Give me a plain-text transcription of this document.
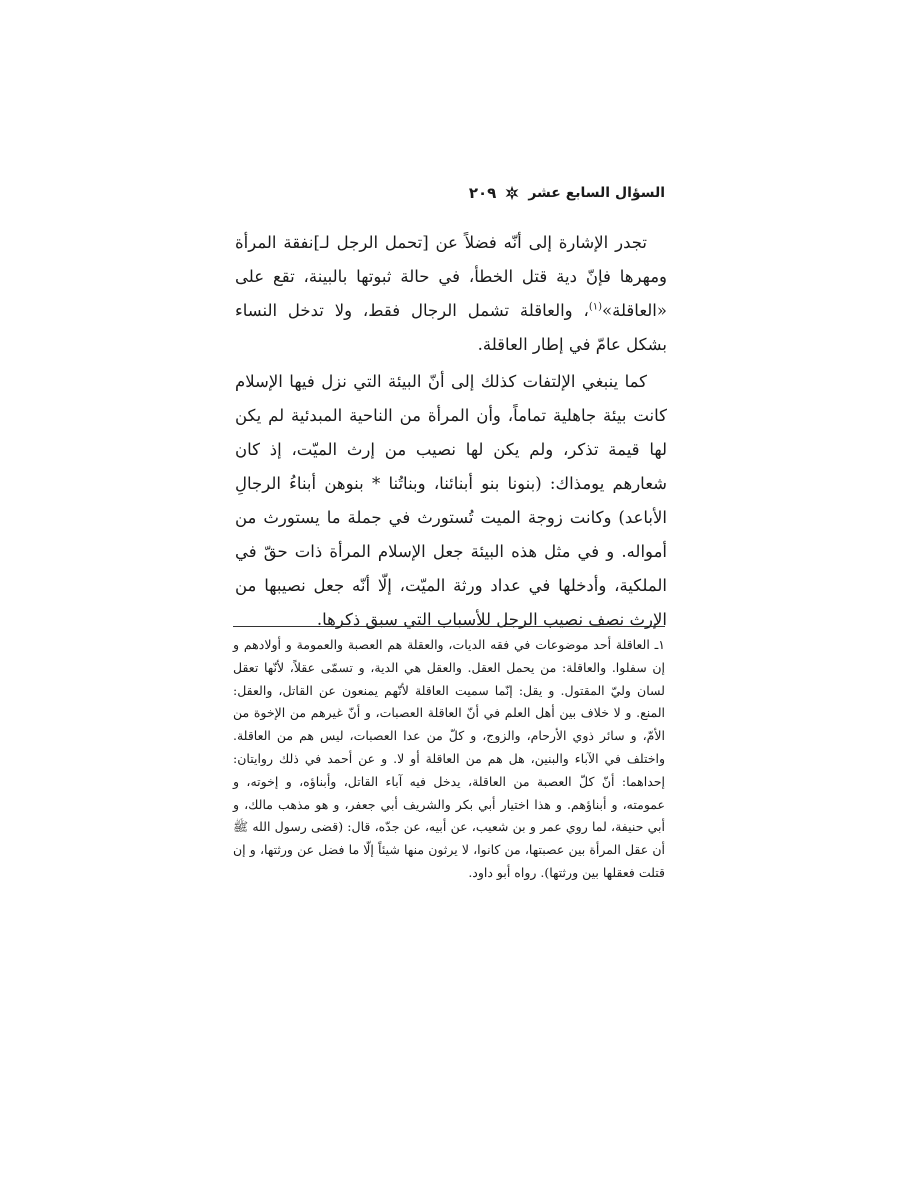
السؤال السابع عشر
٢٠٩

تجدر الإشارة إلى أنّه فضلاً عن [تحمل الرجل لـ]نفقة المرأة ومهرها فإنّ دية قتل الخطأ، في حالة ثبوتها بالبينة، تقع على «العاقلة»$^{(١)}$، والعاقلة تشمل الرجال فقط، ولا تدخل النساء بشكل عامّ في إطار العاقلة.

كما ينبغي الإلتفات كذلك إلى أنّ البيئة التي نزل فيها الإسلام كانت بيئة جاهلية تماماً، وأن المرأة من الناحية المبدئية لم يكن لها قيمة تذكر، ولم يكن لها نصيب من إرث الميّت، إذ كان شعارهم يومذاك: (بنونا بنو أبنائنا، وبناتُنا * بنوهن أبناءُ الرجالِ الأباعد) وكانت زوجة الميت تُستورث في جملة ما يستورث من أمواله. و في مثل هذه البيئة جعل الإسلام المرأة ذات حقّ في الملكية، وأدخلها في عداد ورثة الميّت، إلّا أنّه جعل نصيبها من الإرث نصف نصيب الرجل للأسباب التي سبق ذكرها.

١ـ العاقلة أحد موضوعات في فقه الديات، والعقلة هم العصبة والعمومة و أولادهم و إن سفلوا. والعاقلة: من يحمل العقل. والعقل هي الدية، و تسمّى عقلاً، لأنّها تعقل لسان وليّ المقتول. و يقل: إنّما سميت العاقلة لأنّهم يمنعون عن القاتل، والعقل: المنع. و لا خلاف بين أهل العلم في أنّ العاقلة العصبات، و أنّ غيرهم من الإخوة من الأمّ، و سائر ذوي الأرحام، والزوج، و كلّ من عدا العصبات، ليس هم من العاقلة. واختلف في الآباء والبنين، هل هم من العاقلة أو لا. و عن أحمد في ذلك روايتان: إحداهما: أنّ كلّ العصبة من العاقلة، يدخل فيه آباء القاتل، وأبناؤه، و إخوته، و عمومته، و أبناؤهم. و هذا اختيار أبي بكر والشريف أبي جعفر، و هو مذهب مالك، و أبي حنيفة، لما روي عمر و بن شعيب، عن أبيه، عن جدّه، قال: (قضى رسول الله ﷺ أن عقل المرأة بين عصبتها، من كانوا، لا يرثون منها شيئاً إلّا ما فضل عن ورثتها، و إن قتلت فعقلها بين ورثتها). رواه أبو داود.
